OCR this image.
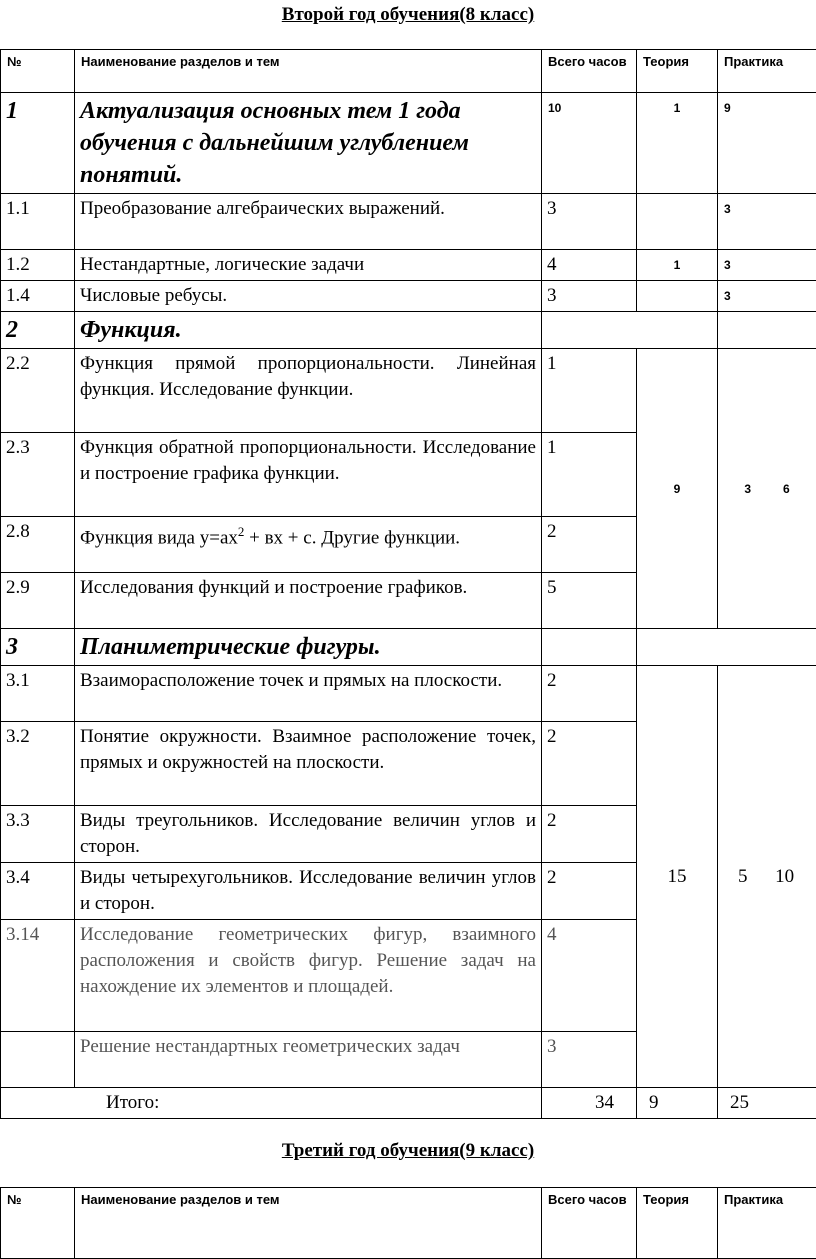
Второй год обучения(8 класс)
№	Наименование разделов и тем	Всего часов	Теория	Практика
1	Актуализация основных тем 1 года обучения с дальнейшим углублением понятий.	10	1	9
1.1	Преобразование алгебраических выражений.	3		3
1.2	Нестандартные, логические задачи	4	1	3
1.4	Числовые ребусы.	3		3
2	Функция.			
2.2	Функция прямой пропорциональности. Линейная функция. Исследование функции.	1	9	3 6
2.3	Функция обратной пропорциональности. Исследование и построение графика функции.	1		
2.8	Функция вида $у=ах^2$ + вх + с. Другие функции.	2		
2.9	Исследования функций и построение графиков.	5		
3	Планиметрические фигуры.			
3.1	Взаиморасположение точек и прямых на плоскости.	2	15	5 10
3.2	Понятие окружности. Взаимное расположение точек, прямых и окружностей на плоскости.	2		
3.3	Виды треугольников. Исследование величин углов и сторон.	2		
3.4	Виды четырехугольников. Исследование величин углов и сторон.	2		
3.14	Исследование геометрических фигур, взаимного расположения и свойств фигур. Решение задач на нахождение их элементов и площадей.	4		
	Решение нестандартных геометрических задач	3		
Итого:		34	9	25
Третий год обучения(9 класс)
№	Наименование разделов и тем	Всего часов	Теория	Практика
